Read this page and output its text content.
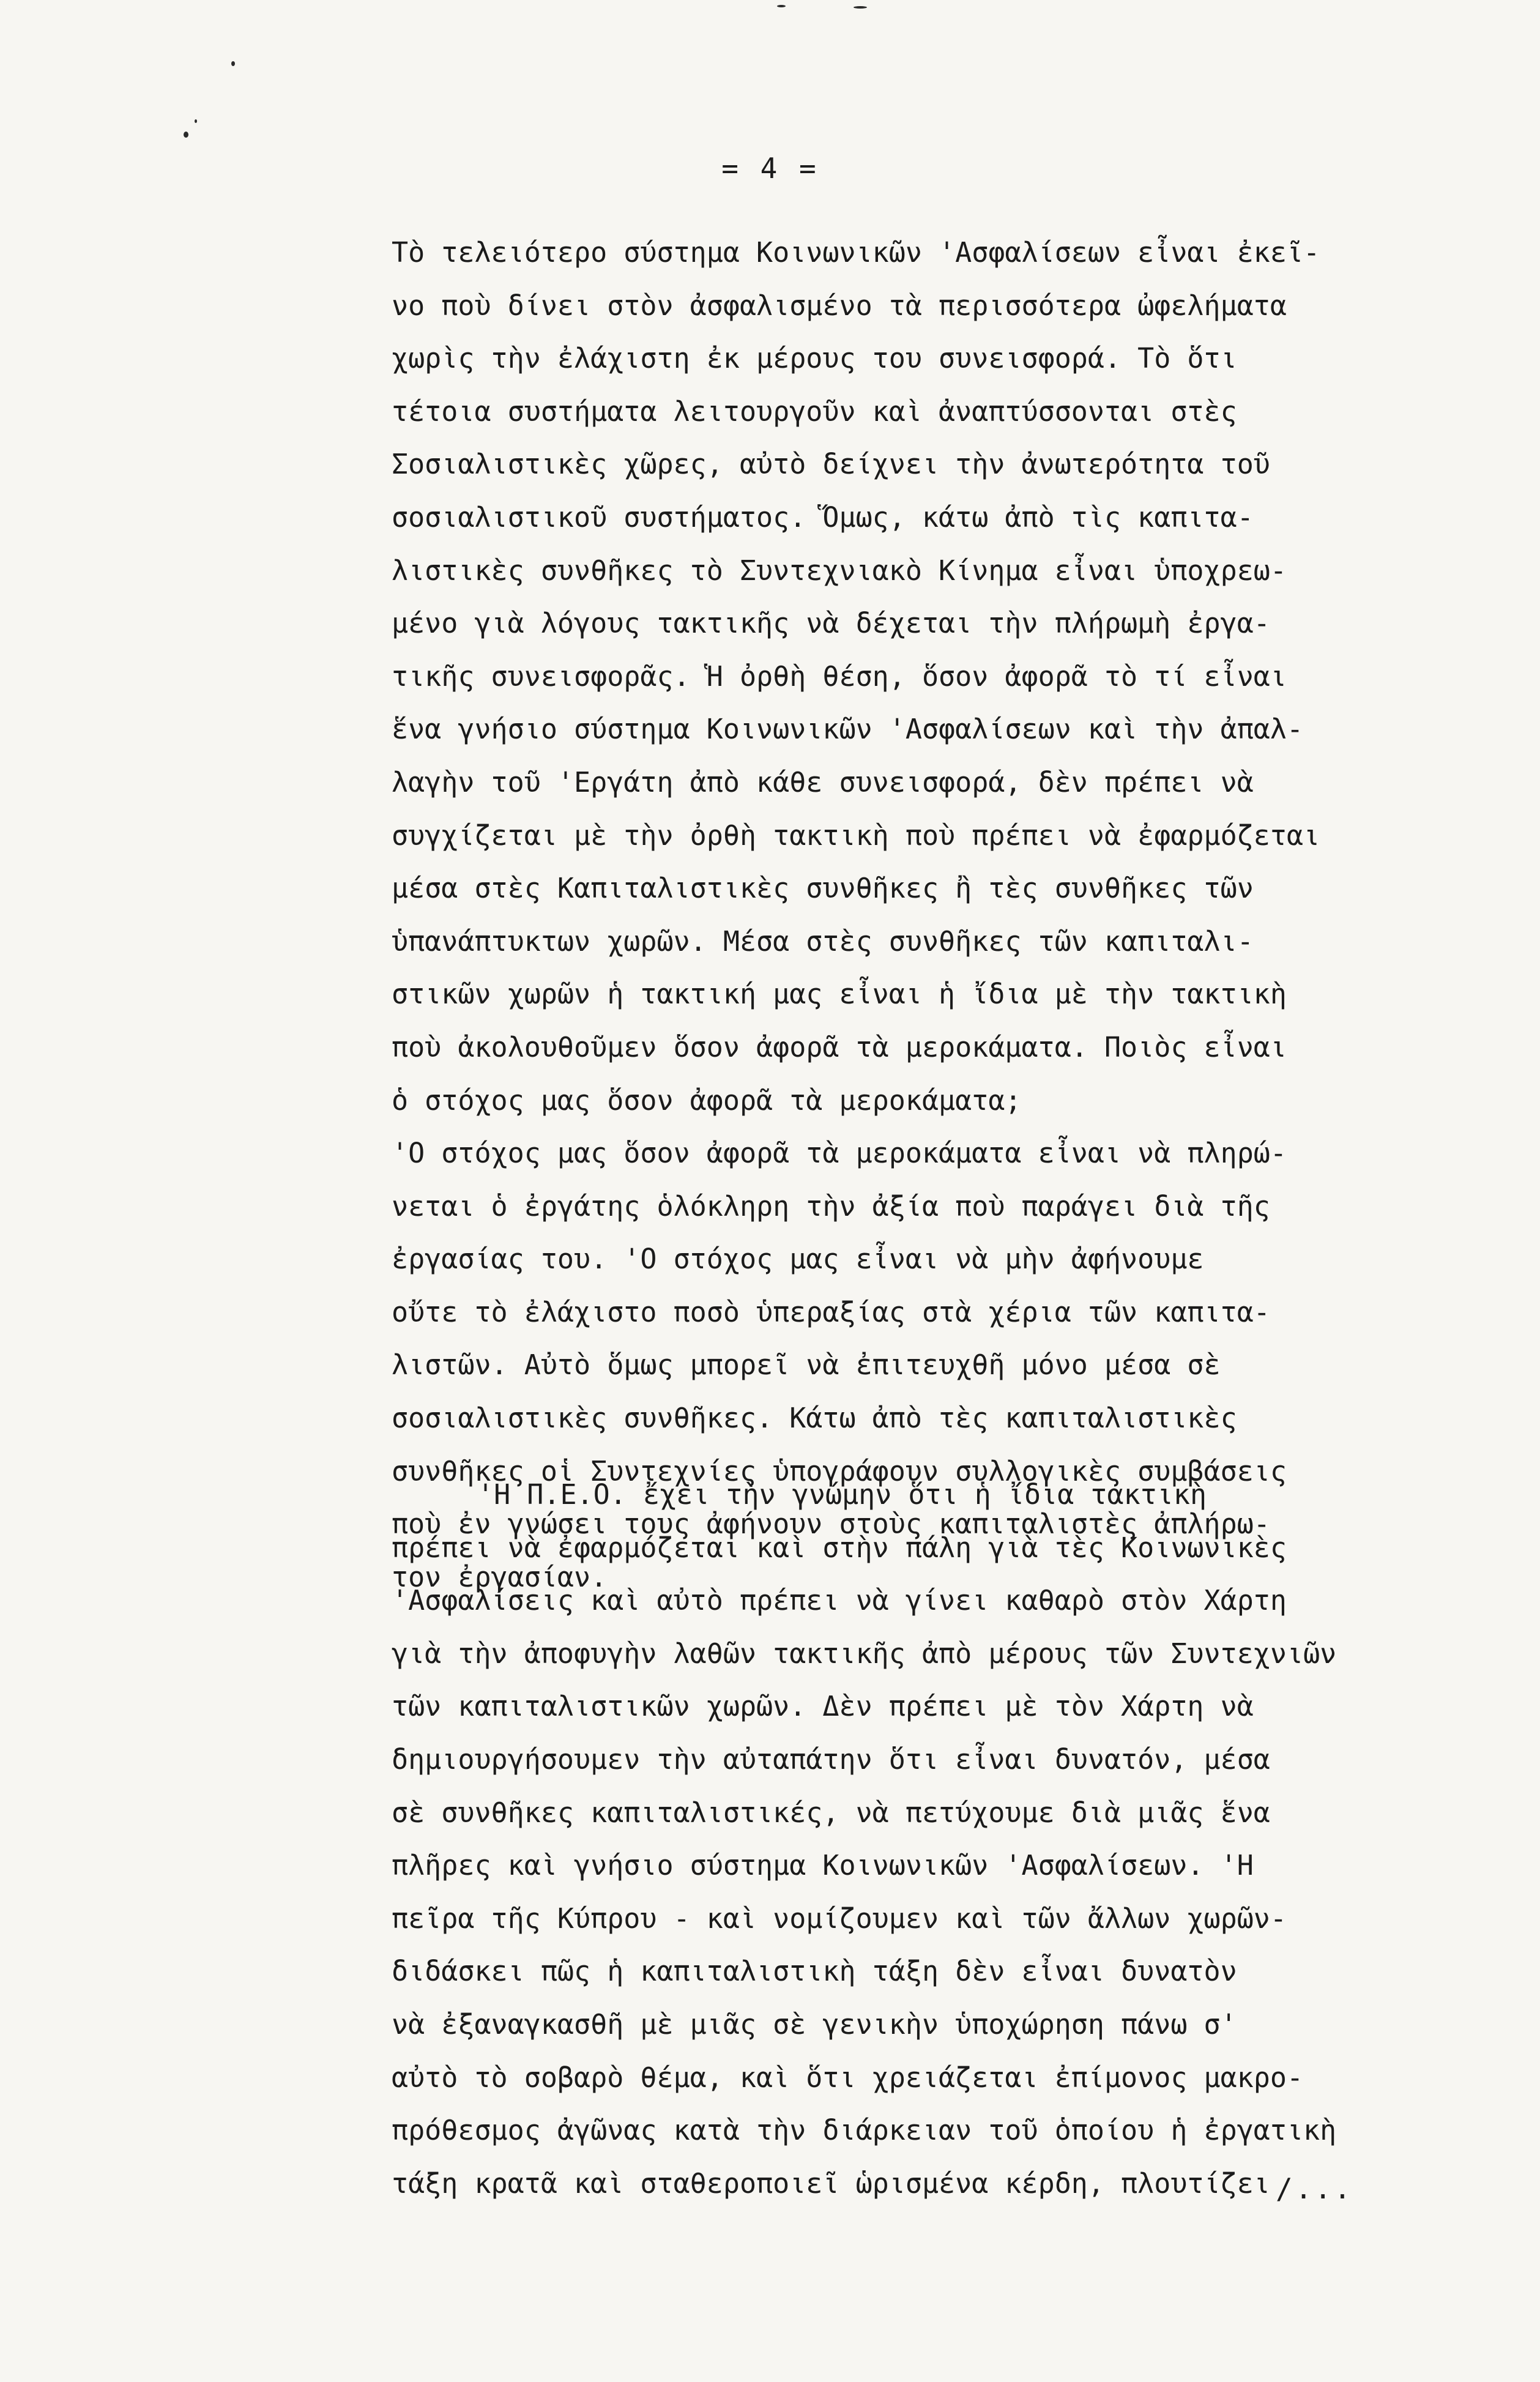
= 4 =
Τὸ τελειότερο σύστημα Κοινωνικῶν 'Ασφαλίσεων εἶναι ἐκεῖ-
νο ποὺ δίνει στὸν ἀσφαλισμένο τὰ περισσότερα ὠφελήματα
χωρὶς τὴν ἐλάχιστη ἐκ μέρους του συνεισφορά. Τὸ ὅτι
τέτοια συστήματα λειτουργοῦν καὶ ἀναπτύσσονται στὲς
Σοσιαλιστικὲς χῶρες, αὐτὸ δείχνει τὴν ἀνωτερότητα τοῦ
σοσιαλιστικοῦ συστήματος. Ὅμως, κάτω ἀπὸ τὶς καπιτα-
λιστικὲς συνθῆκες τὸ Συντεχνιακὸ Κίνημα εἶναι ὑποχρεω-
μένο γιὰ λόγους τακτικῆς νὰ δέχεται τὴν πλήρωμὴ ἐργα-
τικῆς συνεισφορᾶς. Ἡ ὀρθὴ θέση, ὅσον ἀφορᾶ τὸ τί εἶναι
ἕνα γνήσιο σύστημα Κοινωνικῶν 'Ασφαλίσεων καὶ τὴν ἀπαλ-
λαγὴν τοῦ 'Εργάτη ἀπὸ κάθε συνεισφορά, δὲν πρέπει νὰ
συγχίζεται μὲ τὴν ὀρθὴ τακτικὴ ποὺ πρέπει νὰ ἐφαρμόζεται
μέσα στὲς Καπιταλιστικὲς συνθῆκες ἢ τὲς συνθῆκες τῶν
ὑπανάπτυκτων χωρῶν. Μέσα στὲς συνθῆκες τῶν καπιταλι-
στικῶν χωρῶν ἡ τακτική μας εἶναι ἡ ἴδια μὲ τὴν τακτικὴ
ποὺ ἀκολουθοῦμεν ὅσον ἀφορᾶ τὰ μεροκάματα. Ποιὸς εἶναι
ὁ στόχος μας ὅσον ἀφορᾶ τὰ μεροκάματα;
'Ο στόχος μας ὅσον ἀφορᾶ τὰ μεροκάματα εἶναι νὰ πληρώ-
νεται ὁ ἐργάτης ὁλόκληρη τὴν ἀξία ποὺ παράγει διὰ τῆς
ἐργασίας του. 'Ο στόχος μας εἶναι νὰ μὴν ἀφήνουμε
οὔτε τὸ ἐλάχιστο ποσὸ ὑπεραξίας στὰ χέρια τῶν καπιτα-
λιστῶν. Αὐτὸ ὅμως μπορεῖ νὰ ἐπιτευχθῆ μόνο μέσα σὲ
σοσιαλιστικὲς συνθῆκες. Κάτω ἀπὸ τὲς καπιταλιστικὲς
συνθῆκες οἱ Συντεχνίες ὑπογράφουν συλλογικὲς συμβάσεις
ποὺ ἐν γνώσει τους ἀφήνουν στοὺς καπιταλιστὲς ἀπλήρω-
τον ἐργασίαν.
'Η Π.Ε.Ο. ἔχει τὴν γνώμην ὅτι ἡ ἴδια τακτικὴ
πρέπει νὰ ἐφαρμόζεται καὶ στὴν πάλη γιὰ τὲς Κοινωνικὲς
'Ασφαλίσεις καὶ αὐτὸ πρέπει νὰ γίνει καθαρὸ στὸν Χάρτη
γιὰ τὴν ἀποφυγὴν λαθῶν τακτικῆς ἀπὸ μέρους τῶν Συντεχνιῶν
τῶν καπιταλιστικῶν χωρῶν. Δὲν πρέπει μὲ τὸν Χάρτη νὰ
δημιουργήσουμεν τὴν αὐταπάτην ὅτι εἶναι δυνατόν, μέσα
σὲ συνθῆκες καπιταλιστικές, νὰ πετύχουμε διὰ μιᾶς ἕνα
πλῆρες καὶ γνήσιο σύστημα Κοινωνικῶν 'Ασφαλίσεων. 'Η
πεῖρα τῆς Κύπρου - καὶ νομίζουμεν καὶ τῶν ἄλλων χωρῶν-
διδάσκει πῶς ἡ καπιταλιστικὴ τάξη δὲν εἶναι δυνατὸν
νὰ ἐξαναγκασθῆ μὲ μιᾶς σὲ γενικὴν ὑποχώρηση πάνω σ'
αὐτὸ τὸ σοβαρὸ θέμα, καὶ ὅτι χρειάζεται ἐπίμονος μακρο-
πρόθεσμος ἀγῶνας κατὰ τὴν διάρκειαν τοῦ ὁποίου ἡ ἐργατικὴ
τάξη κρατᾶ καὶ σταθεροποιεῖ ὡρισμένα κέρδη, πλουτίζει /...
